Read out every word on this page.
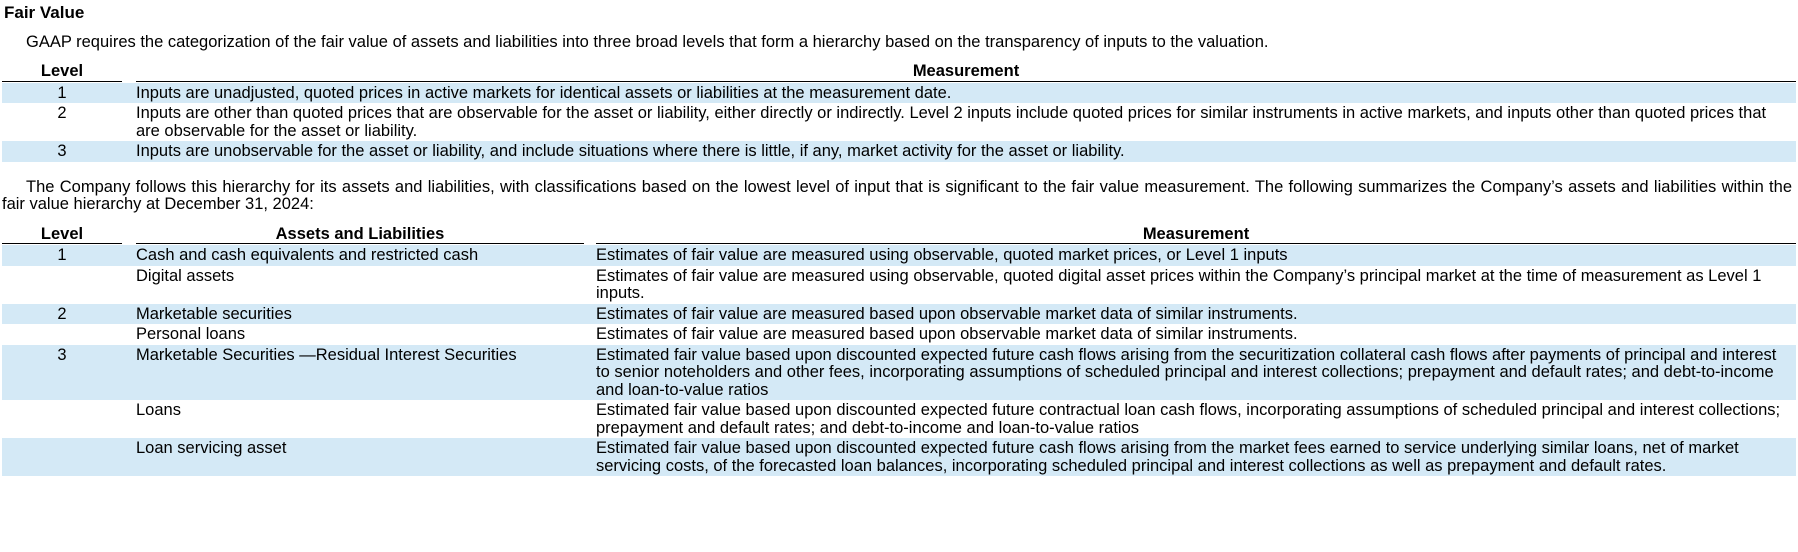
Fair Value
GAAP requires the categorization of the fair value of assets and liabilities into three broad levels that form a hierarchy based on the transparency of inputs to the valuation.
Level	Measurement

1	Inputs are unadjusted, quoted prices in active markets for identical assets or liabilities at the measurement date.
2	Inputs are other than quoted prices that are observable for the asset or liability, either directly or indirectly. Level 2 inputs include quoted prices for similar instruments in active markets, and inputs other than quoted prices that are observable for the asset or liability.
3	Inputs are unobservable for the asset or liability, and include situations where there is little, if any, market activity for the asset or liability.
The Company follows this hierarchy for its assets and liabilities, with classifications based on the lowest level of input that is significant to the fair value measurement. The following summarizes the Company’s assets and liabilities within the fair value hierarchy at December 31, 2024:
Level	Assets and Liabilities	Measurement

1	Cash and cash equivalents and restricted cash	Estimates of fair value are measured using observable, quoted market prices, or Level 1 inputs
	Digital assets	Estimates of fair value are measured using observable, quoted digital asset prices within the Company’s principal market at the time of measurement as Level 1 inputs.
2	Marketable securities	Estimates of fair value are measured based upon observable market data of similar instruments.
	Personal loans	Estimates of fair value are measured based upon observable market data of similar instruments.
3	Marketable Securities —Residual Interest Securities	Estimated fair value based upon discounted expected future cash flows arising from the securitization collateral cash flows after payments of principal and interest to senior noteholders and other fees, incorporating assumptions of scheduled principal and interest collections; prepayment and default rates; and debt-to-income and loan-to-value ratios
	Loans	Estimated fair value based upon discounted expected future contractual loan cash flows, incorporating assumptions of scheduled principal and interest collections; prepayment and default rates; and debt-to-income and loan-to-value ratios
	Loan servicing asset	Estimated fair value based upon discounted expected future cash flows arising from the market fees earned to service underlying similar loans, net of market servicing costs, of the forecasted loan balances, incorporating scheduled principal and interest collections as well as prepayment and default rates.
